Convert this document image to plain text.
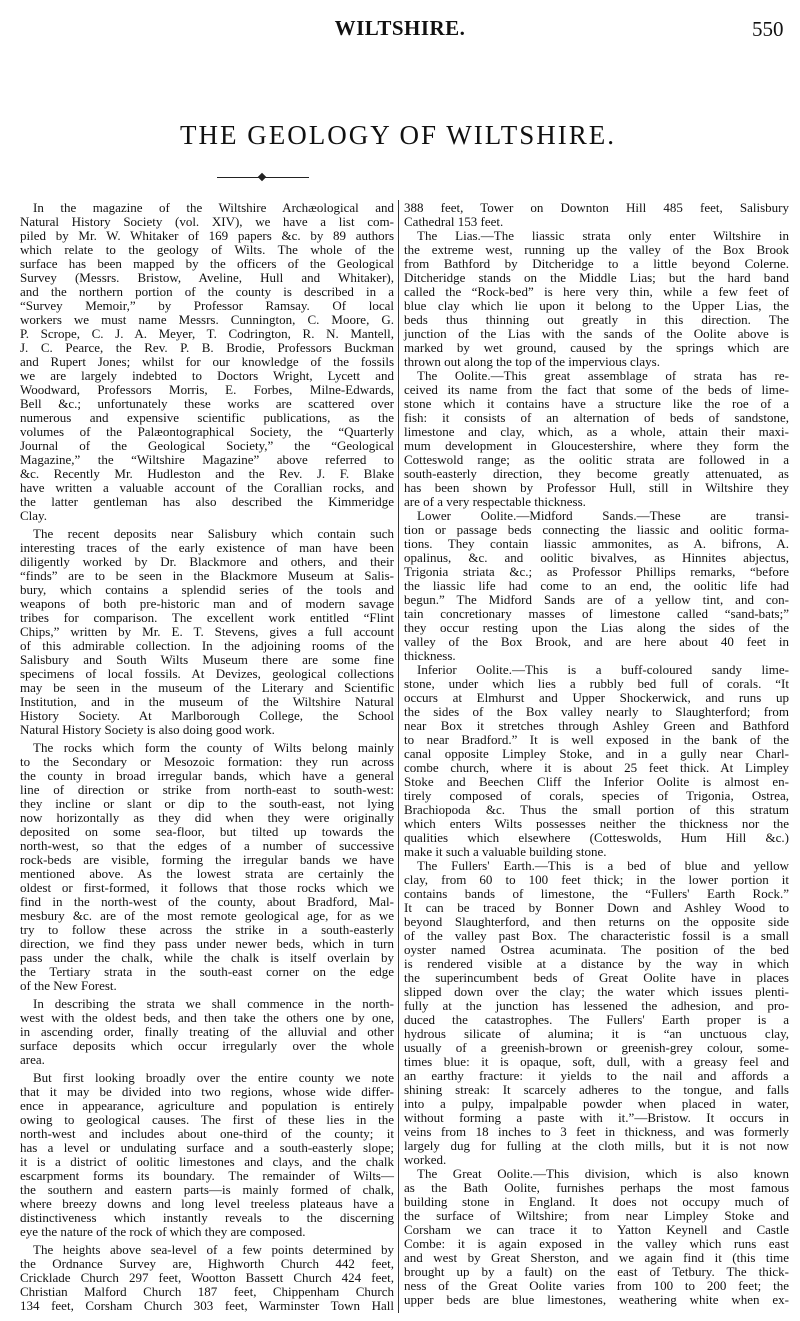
WILTSHIRE.	550
THE GEOLOGY OF WILTSHIRE.
In the magazine of the Wiltshire Archæological and
Natural History Society (vol. XIV), we have a list com-
piled by Mr. W. Whitaker of 169 papers &c. by 89 authors
which relate to the geology of Wilts. The whole of the
surface has been mapped by the officers of the Geological
Survey (Messrs. Bristow, Aveline, Hull and Whitaker),
and the northern portion of the county is described in a
“Survey Memoir,” by Professor Ramsay. Of local
workers we must name Messrs. Cunnington, C. Moore, G.
P. Scrope, C. J. A. Meyer, T. Codrington, R. N. Mantell,
J. C. Pearce, the Rev. P. B. Brodie, Professors Buckman
and Rupert Jones; whilst for our knowledge of the fossils
we are largely indebted to Doctors Wright, Lycett and
Woodward, Professors Morris, E. Forbes, Milne-Edwards,
Bell &c.; unfortunately these works are scattered over
numerous and expensive scientific publications, as the
volumes of the Palæontographical Society, the “Quarterly
Journal of the Geological Society,” the “Geological
Magazine,” the “Wiltshire Magazine” above referred to
&c. Recently Mr. Hudleston and the Rev. J. F. Blake
have written a valuable account of the Corallian rocks, and
the latter gentleman has also described the Kimmeridge
Clay.
The recent deposits near Salisbury which contain such
interesting traces of the early existence of man have been
diligently worked by Dr. Blackmore and others, and their
“finds” are to be seen in the Blackmore Museum at Salis-
bury, which contains a splendid series of the tools and
weapons of both pre-historic man and of modern savage
tribes for comparison. The excellent work entitled “Flint
Chips,” written by Mr. E. T. Stevens, gives a full account
of this admirable collection. In the adjoining rooms of the
Salisbury and South Wilts Museum there are some fine
specimens of local fossils. At Devizes, geological collections
may be seen in the museum of the Literary and Scientific
Institution, and in the museum of the Wiltshire Natural
History Society. At Marlborough College, the School
Natural History Society is also doing good work.
The rocks which form the county of Wilts belong mainly
to the Secondary or Mesozoic formation: they run across
the county in broad irregular bands, which have a general
line of direction or strike from north-east to south-west:
they incline or slant or dip to the south-east, not lying
now horizontally as they did when they were originally
deposited on some sea-floor, but tilted up towards the
north-west, so that the edges of a number of successive
rock-beds are visible, forming the irregular bands we have
mentioned above. As the lowest strata are certainly the
oldest or first-formed, it follows that those rocks which we
find in the north-west of the county, about Bradford, Mal-
mesbury &c. are of the most remote geological age, for as we
try to follow these across the strike in a south-easterly
direction, we find they pass under newer beds, which in turn
pass under the chalk, while the chalk is itself overlain by
the Tertiary strata in the south-east corner on the edge
of the New Forest.
In describing the strata we shall commence in the north-
west with the oldest beds, and then take the others one by one,
in ascending order, finally treating of the alluvial and other
surface deposits which occur irregularly over the whole
area.
But first looking broadly over the entire county we note
that it may be divided into two regions, whose wide differ-
ence in appearance, agriculture and population is entirely
owing to geological causes. The first of these lies in the
north-west and includes about one-third of the county; it
has a level or undulating surface and a south-easterly slope;
it is a district of oolitic limestones and clays, and the chalk
escarpment forms its boundary. The remainder of Wilts—
the southern and eastern parts—is mainly formed of chalk,
where breezy downs and long level treeless plateaus have a
distinctiveness which instantly reveals to the discerning
eye the nature of the rock of which they are composed.
The heights above sea-level of a few points determined by
the Ordnance Survey are, Highworth Church 442 feet,
Cricklade Church 297 feet, Wootton Bassett Church 424 feet,
Christian Malford Church 187 feet, Chippenham Church
134 feet, Corsham Church 303 feet, Warminster Town Hall
388 feet, Tower on Downton Hill 485 feet, Salisbury
Cathedral 153 feet.
The Lias.—The liassic strata only enter Wiltshire in
the extreme west, running up the valley of the Box Brook
from Bathford by Ditcheridge to a little beyond Colerne.
Ditcheridge stands on the Middle Lias; but the hard band
called the “Rock-bed” is here very thin, while a few feet of
blue clay which lie upon it belong to the Upper Lias, the
beds thus thinning out greatly in this direction. The
junction of the Lias with the sands of the Oolite above is
marked by wet ground, caused by the springs which are
thrown out along the top of the impervious clays.
The Oolite.—This great assemblage of strata has re-
ceived its name from the fact that some of the beds of lime-
stone which it contains have a structure like the roe of a
fish: it consists of an alternation of beds of sandstone,
limestone and clay, which, as a whole, attain their maxi-
mum development in Gloucestershire, where they form the
Cotteswold range; as the oolitic strata are followed in a
south-easterly direction, they become greatly attenuated, as
has been shown by Professor Hull, still in Wiltshire they
are of a very respectable thickness.
Lower Oolite.—Midford Sands.—These are transi-
tion or passage beds connecting the liassic and oolitic forma-
tions. They contain liassic ammonites, as A. bifrons, A.
opalinus, &c. and oolitic bivalves, as Hinnites abjectus,
Trigonia striata &c.; as Professor Phillips remarks, “before
the liassic life had come to an end, the oolitic life had
begun.” The Midford Sands are of a yellow tint, and con-
tain concretionary masses of limestone called “sand-bats;”
they occur resting upon the Lias along the sides of the
valley of the Box Brook, and are here about 40 feet in
thickness.
Inferior Oolite.—This is a buff-coloured sandy lime-
stone, under which lies a rubbly bed full of corals. “It
occurs at Elmhurst and Upper Shockerwick, and runs up
the sides of the Box valley nearly to Slaughterford; from
near Box it stretches through Ashley Green and Bathford
to near Bradford.” It is well exposed in the bank of the
canal opposite Limpley Stoke, and in a gully near Charl-
combe church, where it is about 25 feet thick. At Limpley
Stoke and Beechen Cliff the Inferior Oolite is almost en-
tirely composed of corals, species of Trigonia, Ostrea,
Brachiopoda &c. Thus the small portion of this stratum
which enters Wilts possesses neither the thickness nor the
qualities which elsewhere (Cotteswolds, Hum Hill &c.)
make it such a valuable building stone.
The Fullers' Earth.—This is a bed of blue and yellow
clay, from 60 to 100 feet thick; in the lower portion it
contains bands of limestone, the “Fullers' Earth Rock.”
It can be traced by Bonner Down and Ashley Wood to
beyond Slaughterford, and then returns on the opposite side
of the valley past Box. The characteristic fossil is a small
oyster named Ostrea acuminata. The position of the bed
is rendered visible at a distance by the way in which
the superincumbent beds of Great Oolite have in places
slipped down over the clay; the water which issues plenti-
fully at the junction has lessened the adhesion, and pro-
duced the catastrophes. The Fullers' Earth proper is a
hydrous silicate of alumina; it is “an unctuous clay,
usually of a greenish-brown or greenish-grey colour, some-
times blue: it is opaque, soft, dull, with a greasy feel and
an earthy fracture: it yields to the nail and affords a
shining streak: It scarcely adheres to the tongue, and falls
into a pulpy, impalpable powder when placed in water,
without forming a paste with it.”—Bristow. It occurs in
veins from 18 inches to 3 feet in thickness, and was formerly
largely dug for fulling at the cloth mills, but it is not now
worked.
The Great Oolite.—This division, which is also known
as the Bath Oolite, furnishes perhaps the most famous
building stone in England. It does not occupy much of
the surface of Wiltshire; from near Limpley Stoke and
Corsham we can trace it to Yatton Keynell and Castle
Combe: it is again exposed in the valley which runs east
and west by Great Sherston, and we again find it (this time
brought up by a fault) on the east of Tetbury. The thick-
ness of the Great Oolite varies from 100 to 200 feet; the
upper beds are blue limestones, weathering white when ex-
